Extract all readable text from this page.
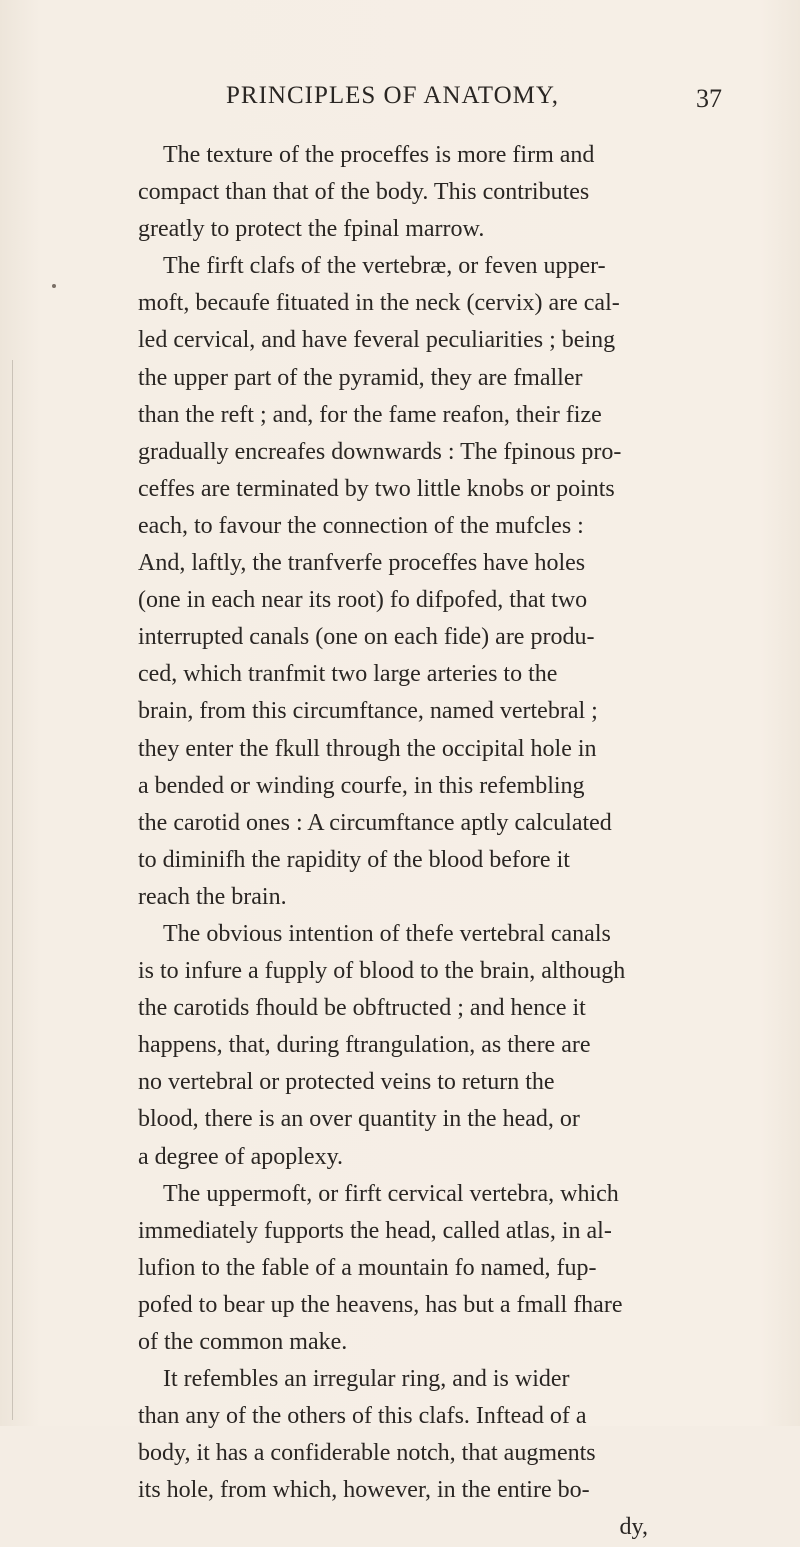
PRINCIPLES OF ANATOMY,	37
The texture of the proceffes is more firm and
compact than that of the body. This contributes
greatly to protect the fpinal marrow.
The firft clafs of the vertebræ, or feven upper-
moft, becaufe fituated in the neck (cervix) are cal-
led cervical, and have feveral peculiarities ; being
the upper part of the pyramid, they are fmaller
than the reft ; and, for the fame reafon, their fize
gradually encreafes downwards : The fpinous pro-
ceffes are terminated by two little knobs or points
each, to favour the connection of the mufcles :
And, laftly, the tranfverfe proceffes have holes
(one in each near its root) fo difpofed, that two
interrupted canals (one on each fide) are produ-
ced, which tranfmit two large arteries to the
brain, from this circumftance, named vertebral ;
they enter the fkull through the occipital hole in
a bended or winding courfe, in this refembling
the carotid ones : A circumftance aptly calculated
to diminifh the rapidity of the blood before it
reach the brain.
The obvious intention of thefe vertebral canals
is to infure a fupply of blood to the brain, although
the carotids fhould be obftructed ; and hence it
happens, that, during ftrangulation, as there are
no vertebral or protected veins to return the
blood, there is an over quantity in the head, or
a degree of apoplexy.
The uppermoft, or firft cervical vertebra, which
immediately fupports the head, called atlas, in al-
lufion to the fable of a mountain fo named, fup-
pofed to bear up the heavens, has but a fmall fhare
of the common make.
It refembles an irregular ring, and is wider
than any of the others of this clafs. Inftead of a
body, it has a confiderable notch, that augments
its hole, from which, however, in the entire bo-
dy,
